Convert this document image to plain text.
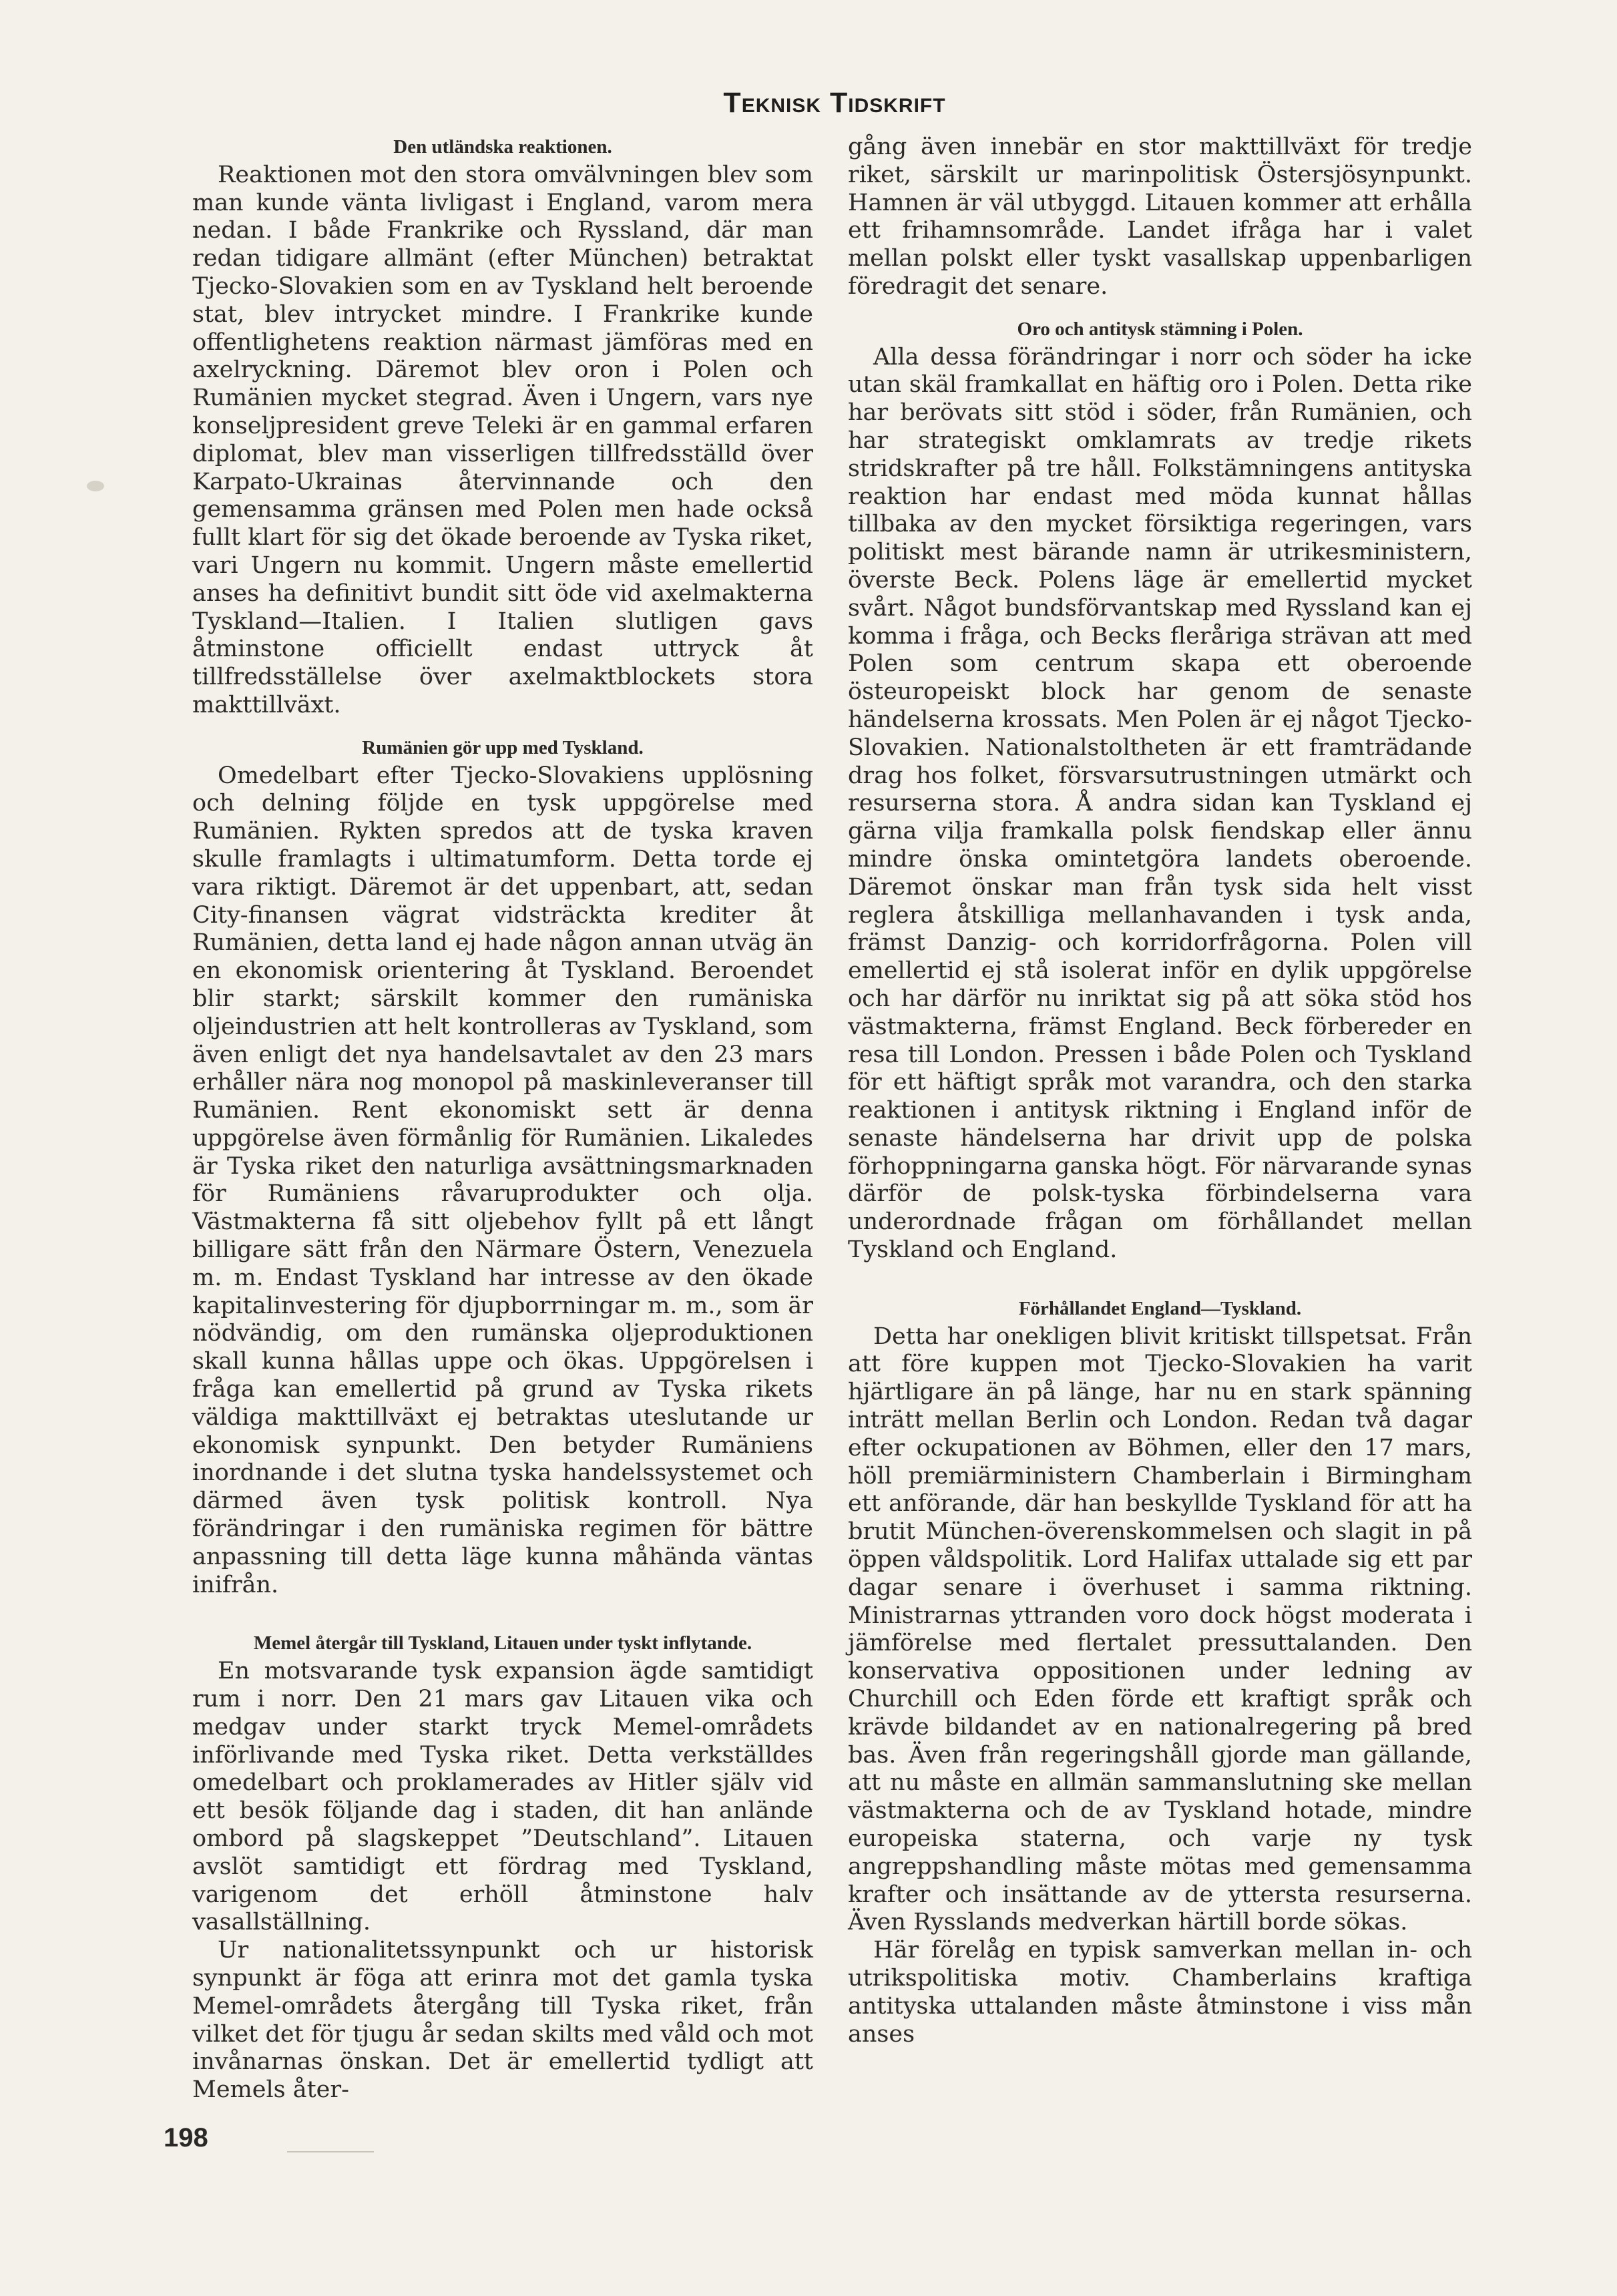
Teknisk Tidskrift
Den utländska reaktionen.

Reaktionen mot den stora omvälvningen blev som man kunde vänta livligast i England, varom mera nedan. I både Frankrike och Ryssland, där man redan tidigare allmänt (efter München) betraktat Tjecko-Slovakien som en av Tyskland helt beroende stat, blev intrycket mindre. I Frankrike kunde offentlighetens reaktion närmast jämföras med en axelryckning. Däremot blev oron i Polen och Rumänien mycket stegrad. Även i Ungern, vars nye konseljpresident greve Teleki är en gammal erfaren diplomat, blev man visserligen tillfredsställd över Karpato-Ukrainas återvinnande och den gemensamma gränsen med Polen men hade också fullt klart för sig det ökade beroende av Tyska riket, vari Ungern nu kommit. Ungern måste emellertid anses ha definitivt bundit sitt öde vid axelmakterna Tyskland—Italien. I Italien slutligen gavs åtminstone officiellt endast uttryck åt tillfredsställelse över axelmaktblockets stora makttillväxt.

Rumänien gör upp med Tyskland.

Omedelbart efter Tjecko-Slovakiens upplösning och delning följde en tysk uppgörelse med Rumänien. Rykten spredos att de tyska kraven skulle framlagts i ultimatumform. Detta torde ej vara riktigt. Däremot är det uppenbart, att, sedan City-finansen vägrat vidsträckta krediter åt Rumänien, detta land ej hade någon annan utväg än en ekonomisk orientering åt Tyskland. Beroendet blir starkt; särskilt kommer den rumäniska oljeindustrien att helt kontrolleras av Tyskland, som även enligt det nya handelsavtalet av den 23 mars erhåller nära nog monopol på maskinleveranser till Rumänien. Rent ekonomiskt sett är denna uppgörelse även förmånlig för Rumänien. Likaledes är Tyska riket den naturliga avsättningsmarknaden för Rumäniens råvaruprodukter och olja. Västmakterna få sitt oljebehov fyllt på ett långt billigare sätt från den Närmare Östern, Venezuela m. m. Endast Tyskland har intresse av den ökade kapitalinvestering för djupborrningar m. m., som är nödvändig, om den rumänska oljeproduktionen skall kunna hållas uppe och ökas. Uppgörelsen i fråga kan emellertid på grund av Tyska rikets väldiga makttillväxt ej betraktas uteslutande ur ekonomisk synpunkt. Den betyder Rumäniens inordnande i det slutna tyska handelssystemet och därmed även tysk politisk kontroll. Nya förändringar i den rumäniska regimen för bättre anpassning till detta läge kunna måhända väntas inifrån.

Memel återgår till Tyskland, Litauen under tyskt inflytande.

En motsvarande tysk expansion ägde samtidigt rum i norr. Den 21 mars gav Litauen vika och medgav under starkt tryck Memel-områdets införlivande med Tyska riket. Detta verkställdes omedelbart och proklamerades av Hitler själv vid ett besök följande dag i staden, dit han anlände ombord på slagskeppet ”Deutschland”. Litauen avslöt samtidigt ett fördrag med Tyskland, varigenom det erhöll åtminstone halv vasallställning.

Ur nationalitetssynpunkt och ur historisk synpunkt är föga att erinra mot det gamla tyska Memel-områdets återgång till Tyska riket, från vilket det för tjugu år sedan skilts med våld och mot invånarnas önskan. Det är emellertid tydligt att Memels åter-

gång även innebär en stor makttillväxt för tredje riket, särskilt ur marinpolitisk Östersjösynpunkt. Hamnen är väl utbyggd. Litauen kommer att erhålla ett frihamnsområde. Landet ifråga har i valet mellan polskt eller tyskt vasallskap uppenbarligen föredragit det senare.

Oro och antitysk stämning i Polen.

Alla dessa förändringar i norr och söder ha icke utan skäl framkallat en häftig oro i Polen. Detta rike har berövats sitt stöd i söder, från Rumänien, och har strategiskt omklamrats av tredje rikets stridskrafter på tre håll. Folkstämningens antityska reaktion har endast med möda kunnat hållas tillbaka av den mycket försiktiga regeringen, vars politiskt mest bärande namn är utrikesministern, överste Beck. Polens läge är emellertid mycket svårt. Något bundsförvantskap med Ryssland kan ej komma i fråga, och Becks fleråriga strävan att med Polen som centrum skapa ett oberoende östeuropeiskt block har genom de senaste händelserna krossats. Men Polen är ej något Tjecko-Slovakien. Nationalstoltheten är ett framträdande drag hos folket, försvarsutrustningen utmärkt och resurserna stora. Å andra sidan kan Tyskland ej gärna vilja framkalla polsk fiendskap eller ännu mindre önska omintetgöra landets oberoende. Däremot önskar man från tysk sida helt visst reglera åtskilliga mellanhavanden i tysk anda, främst Danzig- och korridorfrågorna. Polen vill emellertid ej stå isolerat inför en dylik uppgörelse och har därför nu inriktat sig på att söka stöd hos västmakterna, främst England. Beck förbereder en resa till London. Pressen i både Polen och Tyskland för ett häftigt språk mot varandra, och den starka reaktionen i antitysk riktning i England inför de senaste händelserna har drivit upp de polska förhoppningarna ganska högt. För närvarande synas därför de polsk-tyska förbindelserna vara underordnade frågan om förhållandet mellan Tyskland och England.

Förhållandet England—Tyskland.

Detta har onekligen blivit kritiskt tillspetsat. Från att före kuppen mot Tjecko-Slovakien ha varit hjärtligare än på länge, har nu en stark spänning inträtt mellan Berlin och London. Redan två dagar efter ockupationen av Böhmen, eller den 17 mars, höll premiärministern Chamberlain i Birmingham ett anförande, där han beskyllde Tyskland för att ha brutit München-överenskommelsen och slagit in på öppen våldspolitik. Lord Halifax uttalade sig ett par dagar senare i överhuset i samma riktning. Ministrarnas yttranden voro dock högst moderata i jämförelse med flertalet pressuttalanden. Den konservativa oppositionen under ledning av Churchill och Eden förde ett kraftigt språk och krävde bildandet av en nationalregering på bred bas. Även från regeringshåll gjorde man gällande, att nu måste en allmän sammanslutning ske mellan västmakterna och de av Tyskland hotade, mindre europeiska staterna, och varje ny tysk angreppshandling måste mötas med gemensamma krafter och insättande av de yttersta resurserna. Även Rysslands medverkan härtill borde sökas.

Här förelåg en typisk samverkan mellan in- och utrikspolitiska motiv. Chamberlains kraftiga antityska uttalanden måste åtminstone i viss mån anses

198
